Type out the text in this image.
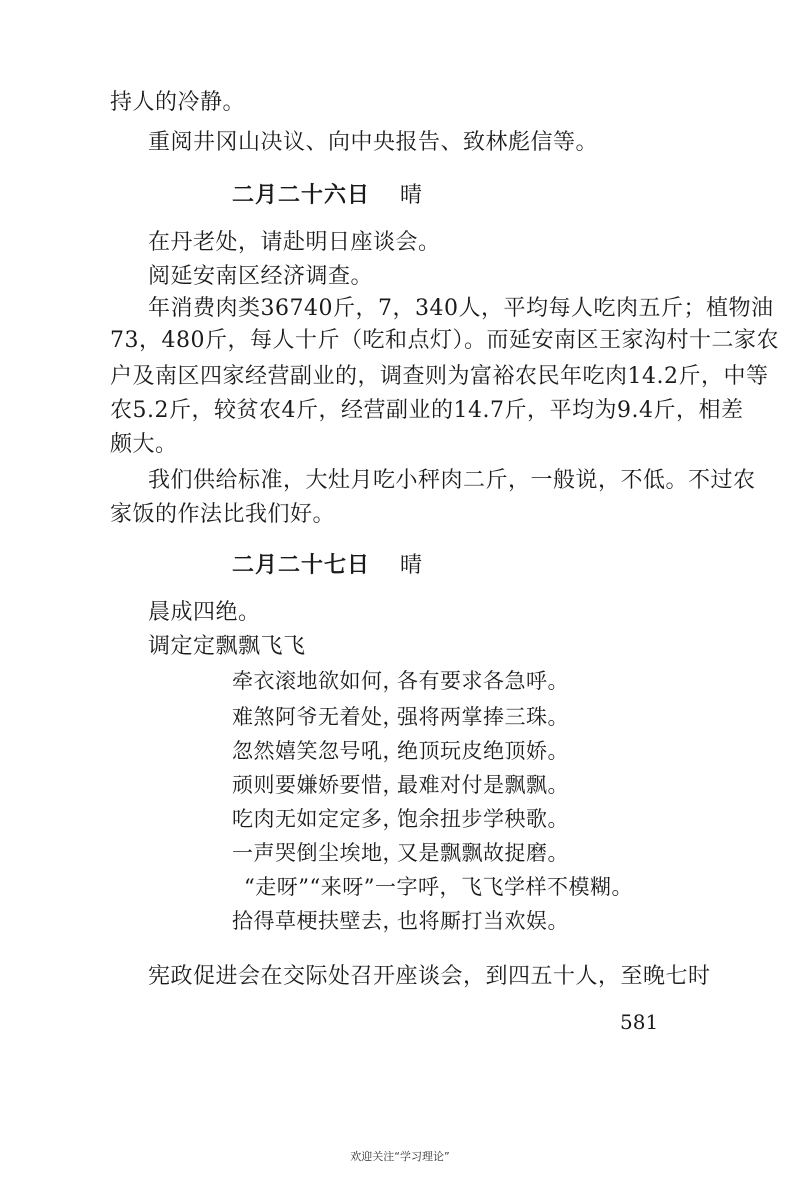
持人的冷静。
重阅井冈山决议、向中央报告、致林彪信等。
二月二十六日 晴
在丹老处，请赴明日座谈会。
阅延安南区经济调查。
年消费肉类36740斤，7，340人，平均每人吃肉五斤；植物油
73，480斤，每人十斤（吃和点灯）。而延安南区王家沟村十二家农
户及南区四家经营副业的，调查则为富裕农民年吃肉14.2斤，中等
农5.2斤，较贫农4斤，经营副业的14.7斤，平均为9.4斤，相差
颇大。
我们供给标准，大灶月吃小秤肉二斤，一般说，不低。不过农
家饭的作法比我们好。
二月二十七日 晴
晨成四绝。
调定定飘飘飞飞
牵衣滚地欲如何，各有要求各急呼。
难煞阿爷无着处，强将两掌捧三珠。
忽然嬉笑忽号吼，绝顶玩皮绝顶娇。
顽则要嫌娇要惜，最难对付是飘飘。
吃肉无如定定多，饱余扭步学秧歌。
一声哭倒尘埃地，又是飘飘故捉磨。
“走呀”“来呀”一字呼，飞飞学样不模糊。
拾得草梗扶壁去，也将厮打当欢娱。
宪政促进会在交际处召开座谈会，到四五十人，至晚七时
581
欢迎关注“学习理论”
